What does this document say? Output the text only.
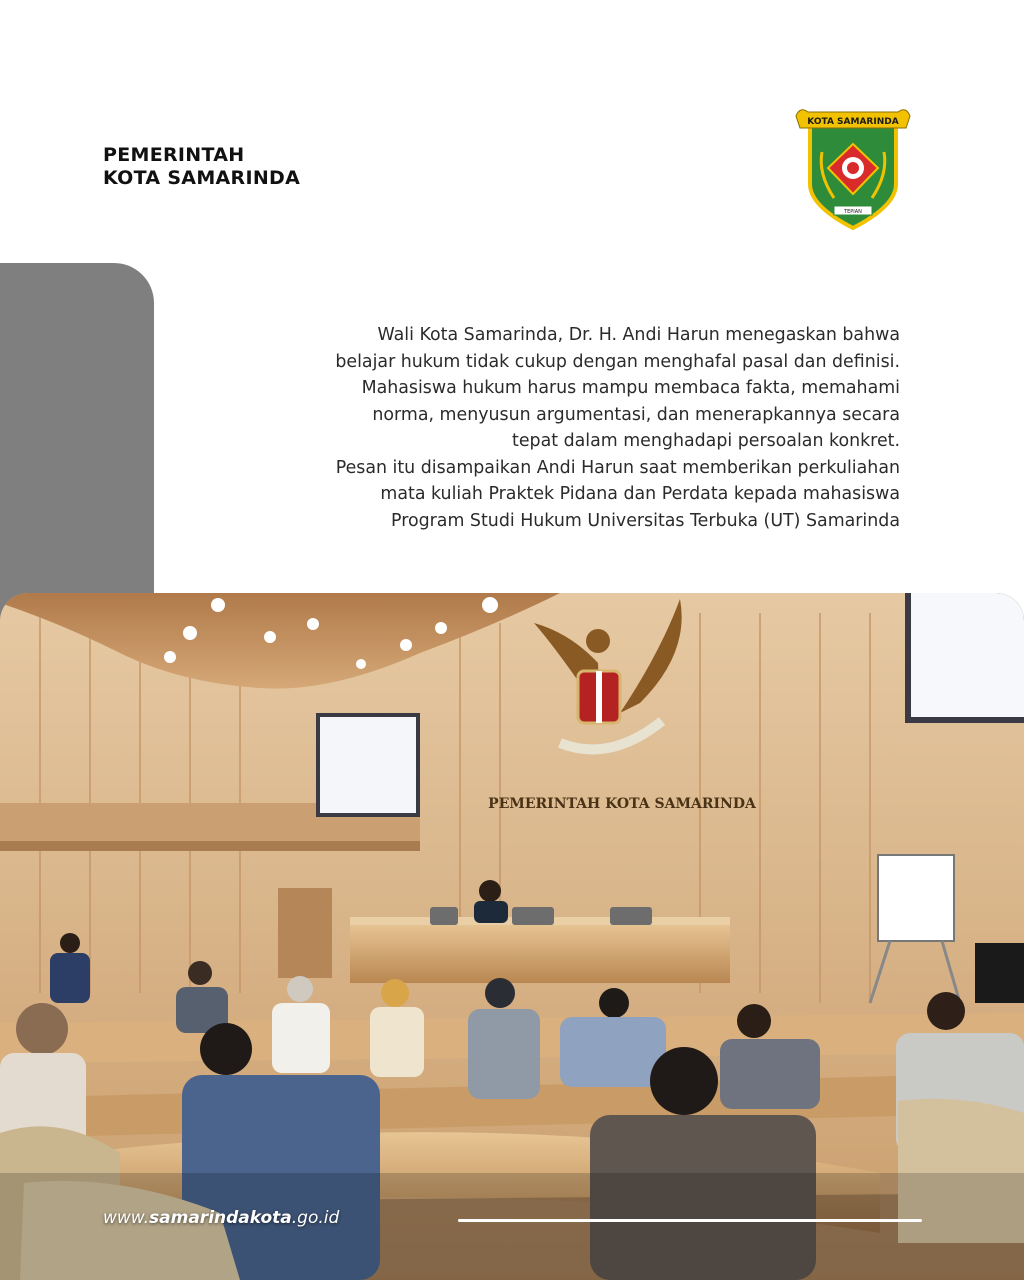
PEMERINTAH
KOTA SAMARINDA
KOTA SAMARINDA
TEPIAN
Wali Kota Samarinda, Dr. H. Andi Harun menegaskan bahwa
belajar hukum tidak cukup dengan menghafal pasal dan definisi.
Mahasiswa hukum harus mampu membaca fakta, memahami
norma, menyusun argumentasi, dan menerapkannya secara
tepat dalam menghadapi persoalan konkret.
Pesan itu disampaikan Andi Harun saat memberikan perkuliahan
mata kuliah Praktek Pidana dan Perdata kepada mahasiswa
Program Studi Hukum Universitas Terbuka (UT) Samarinda
PEMERINTAH KOTA SAMARINDA
www.samarindakota.go.id
